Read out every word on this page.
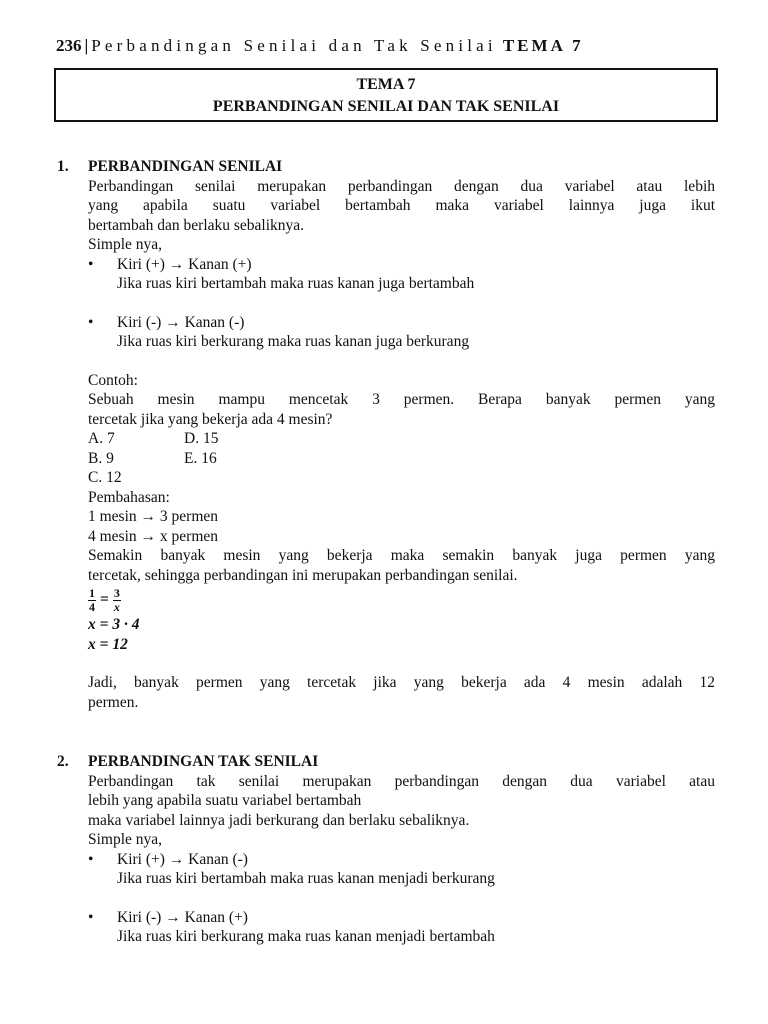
236 | Perbandingan Senilai dan Tak Senilai TEMA 7
TEMA 7
PERBANDINGAN SENILAI DAN TAK SENILAI
1. PERBANDINGAN SENILAI

Perbandingan senilai merupakan perbandingan dengan dua variabel atau lebih

yang apabila suatu variabel bertambah maka variabel lainnya juga ikut

bertambah dan berlaku sebaliknya.

Simple nya,

• Kiri (+) → Kanan (+)

Jika ruas kiri bertambah maka ruas kanan juga bertambah

• Kiri (-) → Kanan (-)

Jika ruas kiri berkurang maka ruas kanan juga berkurang

Contoh:

Sebuah mesin mampu mencetak 3 permen. Berapa banyak permen yang

tercetak jika yang bekerja ada 4 mesin?

A. 7	D. 15
B. 9	E. 16
C. 12

Pembahasan:

1 mesin → 3 permen

4 mesin → x permen

Semakin banyak mesin yang bekerja maka semakin banyak juga permen yang

tercetak, sehingga perbandingan ini merupakan perbandingan senilai.

$\frac{1}{4} = \frac{3}{x}$

x = 3 · 4

x = 12

Jadi, banyak permen yang tercetak jika yang bekerja ada 4 mesin adalah 12

permen.

2. PERBANDINGAN TAK SENILAI

Perbandingan tak senilai merupakan perbandingan dengan dua variabel atau

lebih yang apabila suatu variabel bertambah

maka variabel lainnya jadi berkurang dan berlaku sebaliknya.

Simple nya,

• Kiri (+) → Kanan (-)

Jika ruas kiri bertambah maka ruas kanan menjadi berkurang

• Kiri (-) → Kanan (+)

Jika ruas kiri berkurang maka ruas kanan menjadi bertambah
